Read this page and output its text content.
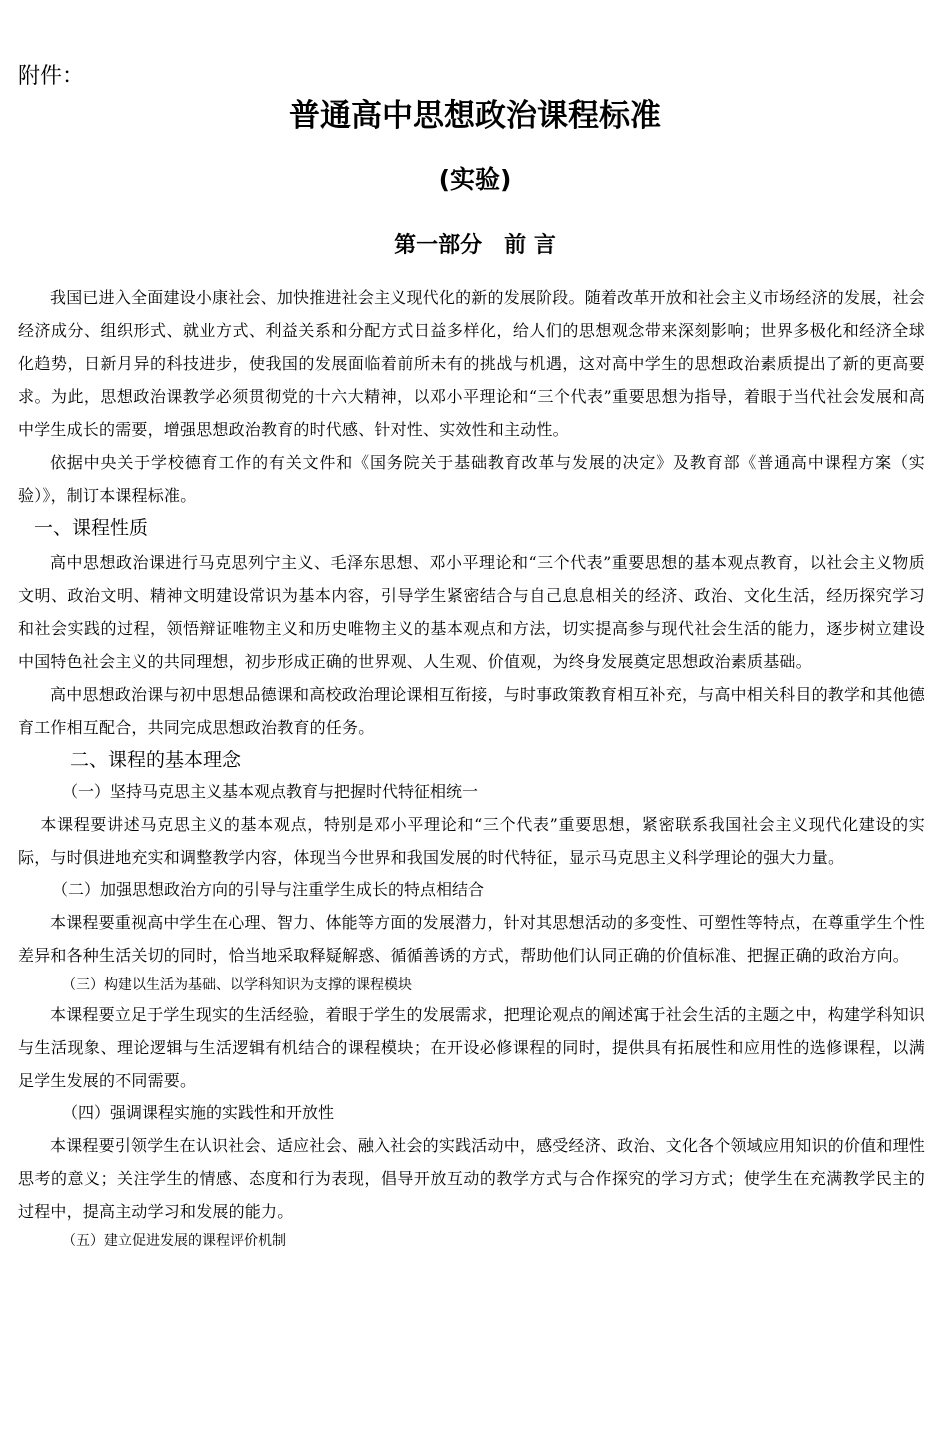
附件：
普通高中思想政治课程标准
(实验)
第一部分 前 言

我国已进入全面建设小康社会、加快推进社会主义现代化的新的发展阶段。随着改革开放和社会主义市场经济的发展，社会经济成分、组织形式、就业方式、利益关系和分配方式日益多样化，给人们的思想观念带来深刻影响；世界多极化和经济全球化趋势，日新月异的科技进步，使我国的发展面临着前所未有的挑战与机遇，这对高中学生的思想政治素质提出了新的更高要求。为此，思想政治课教学必须贯彻党的十六大精神，以邓小平理论和“三个代表”重要思想为指导，着眼于当代社会发展和高中学生成长的需要，增强思想政治教育的时代感、针对性、实效性和主动性。

依据中央关于学校德育工作的有关文件和《国务院关于基础教育改革与发展的决定》及教育部《普通高中课程方案（实验）》，制订本课程标准。

一、课程性质

高中思想政治课进行马克思列宁主义、毛泽东思想、邓小平理论和“三个代表”重要思想的基本观点教育，以社会主义物质文明、政治文明、精神文明建设常识为基本内容，引导学生紧密结合与自己息息相关的经济、政治、文化生活，经历探究学习和社会实践的过程，领悟辩证唯物主义和历史唯物主义的基本观点和方法，切实提高参与现代社会生活的能力，逐步树立建设中国特色社会主义的共同理想，初步形成正确的世界观、人生观、价值观，为终身发展奠定思想政治素质基础。

高中思想政治课与初中思想品德课和高校政治理论课相互衔接，与时事政策教育相互补充，与高中相关科目的教学和其他德育工作相互配合，共同完成思想政治教育的任务。

二、课程的基本理念

（一）坚持马克思主义基本观点教育与把握时代特征相统一

本课程要讲述马克思主义的基本观点，特别是邓小平理论和“三个代表”重要思想，紧密联系我国社会主义现代化建设的实际，与时俱进地充实和调整教学内容，体现当今世界和我国发展的时代特征，显示马克思主义科学理论的强大力量。

（二）加强思想政治方向的引导与注重学生成长的特点相结合

本课程要重视高中学生在心理、智力、体能等方面的发展潜力，针对其思想活动的多变性、可塑性等特点，在尊重学生个性差异和各种生活关切的同时，恰当地采取释疑解惑、循循善诱的方式，帮助他们认同正确的价值标准、把握正确的政治方向。

（三）构建以生活为基础、以学科知识为支撑的课程模块

本课程要立足于学生现实的生活经验，着眼于学生的发展需求，把理论观点的阐述寓于社会生活的主题之中，构建学科知识与生活现象、理论逻辑与生活逻辑有机结合的课程模块；在开设必修课程的同时，提供具有拓展性和应用性的选修课程，以满足学生发展的不同需要。

（四）强调课程实施的实践性和开放性

本课程要引领学生在认识社会、适应社会、融入社会的实践活动中，感受经济、政治、文化各个领域应用知识的价值和理性思考的意义；关注学生的情感、态度和行为表现，倡导开放互动的教学方式与合作探究的学习方式；使学生在充满教学民主的过程中，提高主动学习和发展的能力。

（五）建立促进发展的课程评价机制
